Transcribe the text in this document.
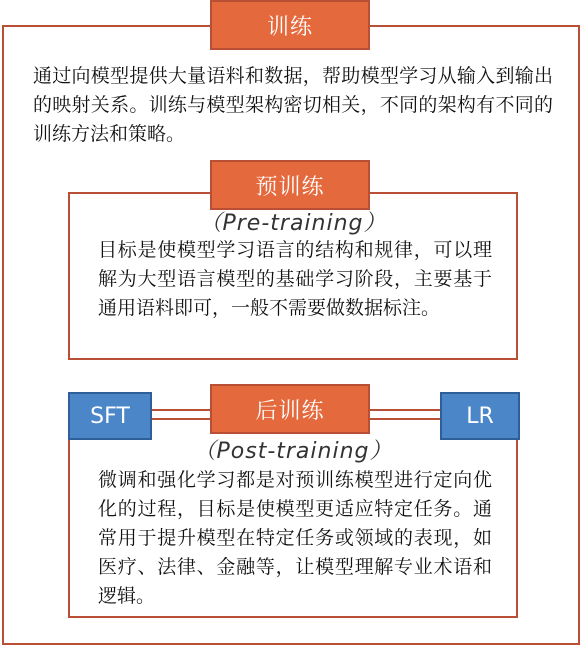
训练
通过向模型提供大量语料和数据，帮助模型学习从输入到输出的映射关系。训练与模型架构密切相关，不同的架构有不同的训练方法和策略。
预训练
（Pre-training）
目标是使模型学习语言的结构和规律，可以理解为大型语言模型的基础学习阶段，主要基于通用语料即可，一般不需要做数据标注。
后训练
SFT	LR
（Post-training）
微调和强化学习都是对预训练模型进行定向优化的过程，目标是使模型更适应特定任务。通常用于提升模型在特定任务或领域的表现，如医疗、法律、金融等，让模型理解专业术语和逻辑。
